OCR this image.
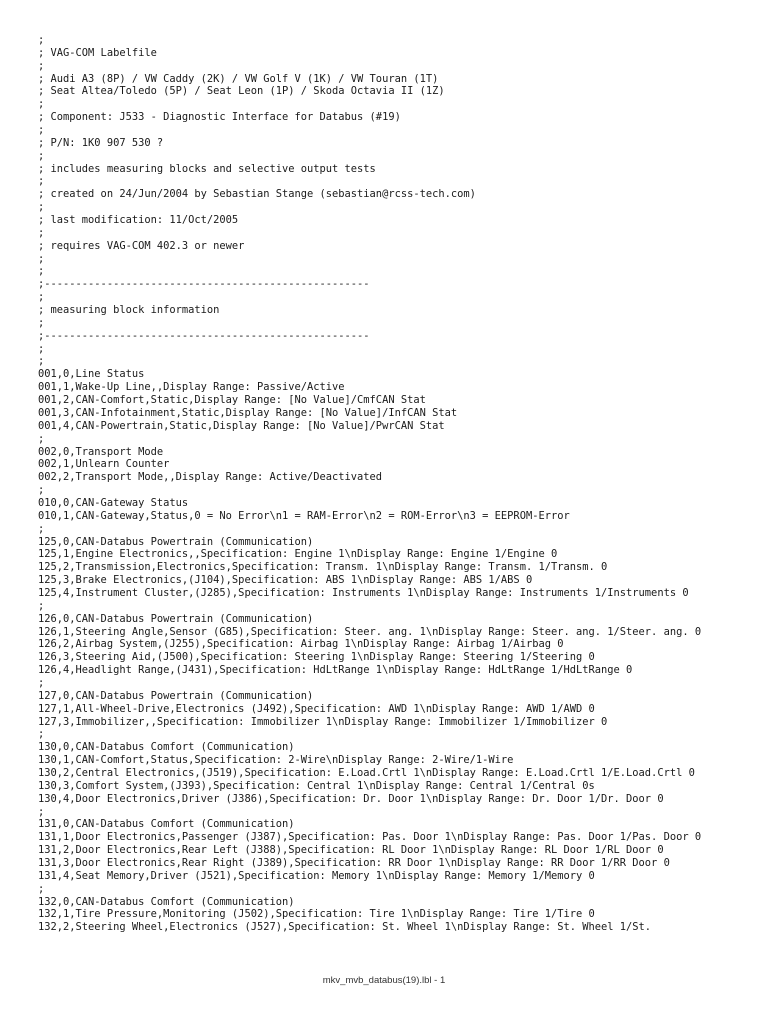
;
; VAG-COM Labelfile
;
; Audi A3 (8P) / VW Caddy (2K) / VW Golf V (1K) / VW Touran (1T)
; Seat Altea/Toledo (5P) / Seat Leon (1P) / Skoda Octavia II (1Z)
;
; Component: J533 - Diagnostic Interface for Databus (#19)
;
; P/N: 1K0 907 530 ?
;
; includes measuring blocks and selective output tests
;
; created on 24/Jun/2004 by Sebastian Stange (sebastian@rcss-tech.com)
;
; last modification: 11/Oct/2005
;
; requires VAG-COM 402.3 or newer
;
;
;----------------------------------------------------
;
; measuring block information
;
;----------------------------------------------------
;
;
001,0,Line Status
001,1,Wake-Up Line,,Display Range: Passive/Active
001,2,CAN-Comfort,Static,Display Range: [No Value]/CmfCAN Stat
001,3,CAN-Infotainment,Static,Display Range: [No Value]/InfCAN Stat
001,4,CAN-Powertrain,Static,Display Range: [No Value]/PwrCAN Stat
;
002,0,Transport Mode
002,1,Unlearn Counter
002,2,Transport Mode,,Display Range: Active/Deactivated
;
010,0,CAN-Gateway Status
010,1,CAN-Gateway,Status,0 = No Error\n1 = RAM-Error\n2 = ROM-Error\n3 = EEPROM-Error
;
125,0,CAN-Databus Powertrain (Communication)
125,1,Engine Electronics,,Specification: Engine 1\nDisplay Range: Engine 1/Engine 0
125,2,Transmission,Electronics,Specification: Transm. 1\nDisplay Range: Transm. 1/Transm. 0
125,3,Brake Electronics,(J104),Specification: ABS 1\nDisplay Range: ABS 1/ABS 0
125,4,Instrument Cluster,(J285),Specification: Instruments 1\nDisplay Range: Instruments 1/Instruments 0
;
126,0,CAN-Databus Powertrain (Communication)
126,1,Steering Angle,Sensor (G85),Specification: Steer. ang. 1\nDisplay Range: Steer. ang. 1/Steer. ang. 0
126,2,Airbag System,(J255),Specification: Airbag 1\nDisplay Range: Airbag 1/Airbag 0
126,3,Steering Aid,(J500),Specification: Steering 1\nDisplay Range: Steering 1/Steering 0
126,4,Headlight Range,(J431),Specification: HdLtRange 1\nDisplay Range: HdLtRange 1/HdLtRange 0
;
127,0,CAN-Databus Powertrain (Communication)
127,1,All-Wheel-Drive,Electronics (J492),Specification: AWD 1\nDisplay Range: AWD 1/AWD 0
127,3,Immobilizer,,Specification: Immobilizer 1\nDisplay Range: Immobilizer 1/Immobilizer 0
;
130,0,CAN-Databus Comfort (Communication)
130,1,CAN-Comfort,Status,Specification: 2-Wire\nDisplay Range: 2-Wire/1-Wire
130,2,Central Electronics,(J519),Specification: E.Load.Crtl 1\nDisplay Range: E.Load.Crtl 1/E.Load.Crtl 0
130,3,Comfort System,(J393),Specification: Central 1\nDisplay Range: Central 1/Central 0s
130,4,Door Electronics,Driver (J386),Specification: Dr. Door 1\nDisplay Range: Dr. Door 1/Dr. Door 0
;
131,0,CAN-Databus Comfort (Communication)
131,1,Door Electronics,Passenger (J387),Specification: Pas. Door 1\nDisplay Range: Pas. Door 1/Pas. Door 0
131,2,Door Electronics,Rear Left (J388),Specification: RL Door 1\nDisplay Range: RL Door 1/RL Door 0
131,3,Door Electronics,Rear Right (J389),Specification: RR Door 1\nDisplay Range: RR Door 1/RR Door 0
131,4,Seat Memory,Driver (J521),Specification: Memory 1\nDisplay Range: Memory 1/Memory 0
;
132,0,CAN-Databus Comfort (Communication)
132,1,Tire Pressure,Monitoring (J502),Specification: Tire 1\nDisplay Range: Tire 1/Tire 0
132,2,Steering Wheel,Electronics (J527),Specification: St. Wheel 1\nDisplay Range: St. Wheel 1/St.
mkv_mvb_databus(19).lbl - 1
